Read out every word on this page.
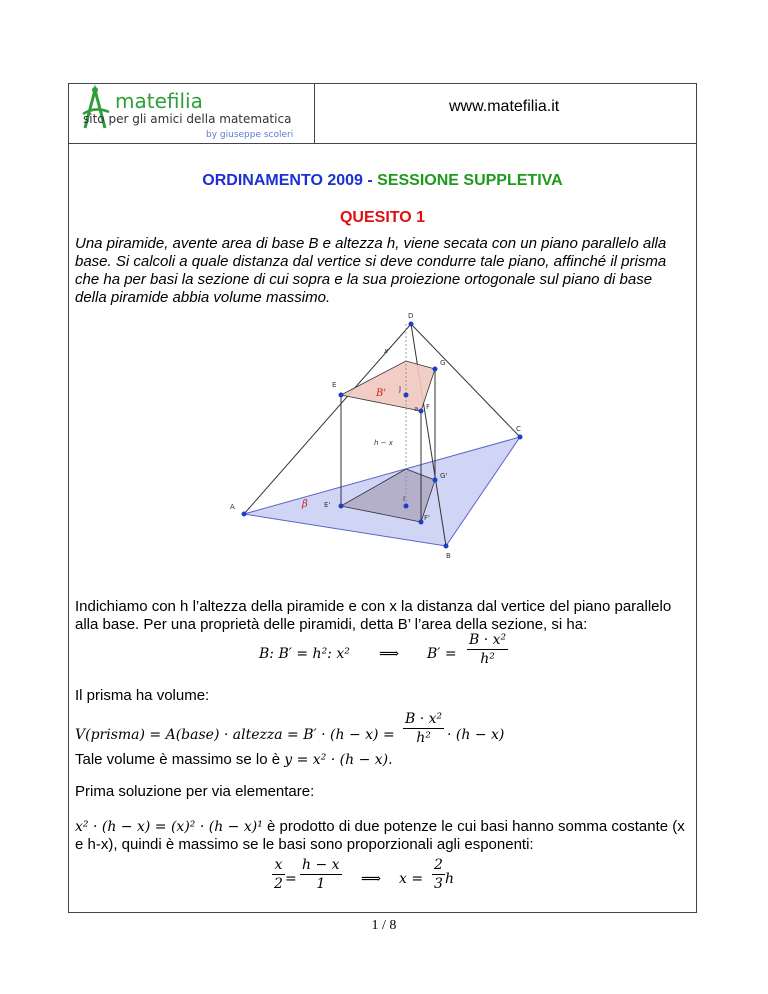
matefilia
sito per gli amici della matematica
by giuseppe scoleri
www.matefilia.it
ORDINAMENTO 2009 - SESSIONE SUPPLETIVA
QUESITO 1

Una piramide, avente area di base B e altezza h, viene secata con un piano parallelo alla base. Si calcoli a quale distanza dal vertice si deve condurre tale piano, affinché il prisma che ha per basi la sezione di cui sopra e la sua proiezione ortogonale sul piano di base della piramide abbia volume massimo.

D
G
E	J
F
a
C
G'
A	E'
I
F'
B
x
h − x
B'
β

Indichiamo con h l’altezza della piramide e con x la distanza dal vertice del piano parallelo alla base. Per una proprietà delle piramidi, detta B’ l’area della sezione, si ha:

B: B′ = h²: x² ⟹ $B' = \frac{\text{B · x²}}{\text{h²}}$

Il prisma ha volume:

V(prisma) = A(base) · altezza = $B' \cdot (h - x) = \frac{\text{B · x²}}{\text{h²}} \cdot (h - x)$

Tale volume è massimo se lo è y = x² · (h − x).

Prima soluzione per via elementare:

x² · (h − x) = (x)² · (h − x)¹ è prodotto di due potenze le cui basi hanno somma costante (x e h-x), quindi è massimo se le basi sono proporzionali agli esponenti:

$\frac{x}{2} = \frac{h - x}{1}$ ⟹ $x = \frac{2}{3}$ h
1 / 8
